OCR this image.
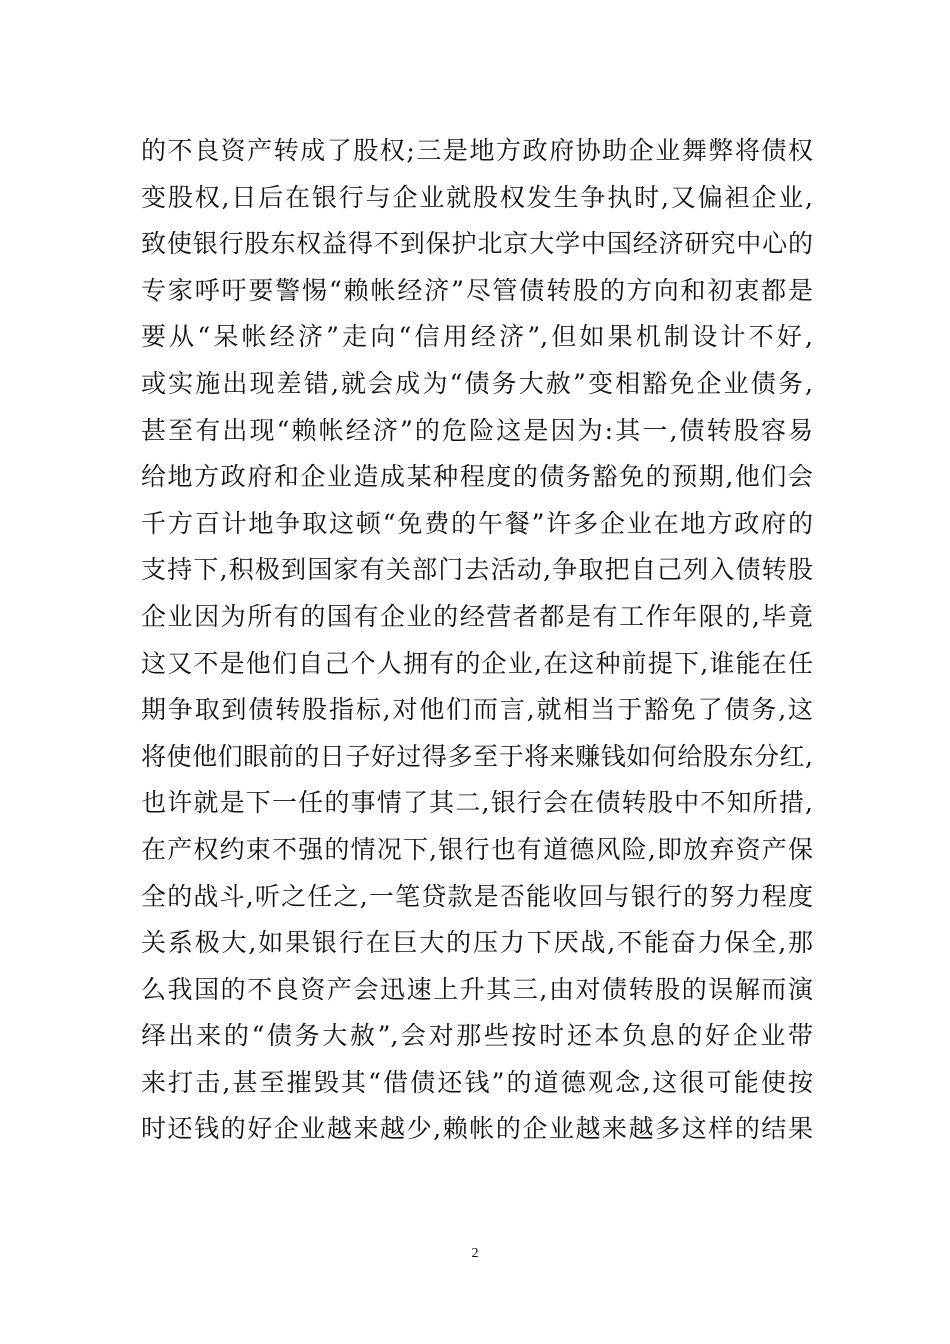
的不良资产转成了股权;三是地方政府协助企业舞弊将债权
变股权,日后在银行与企业就股权发生争执时,又偏袒企业,
致使银行股东权益得不到保护北京大学中国经济研究中心的
专家呼吁要警惕“赖帐经济”尽管债转股的方向和初衷都是
要从“呆帐经济”走向“信用经济”,但如果机制设计不好,
或实施出现差错,就会成为“债务大赦”变相豁免企业债务,
甚至有出现“赖帐经济”的危险这是因为:其一,债转股容易
给地方政府和企业造成某种程度的债务豁免的预期,他们会
千方百计地争取这顿“免费的午餐”许多企业在地方政府的
支持下,积极到国家有关部门去活动,争取把自己列入债转股
企业因为所有的国有企业的经营者都是有工作年限的,毕竟
这又不是他们自己个人拥有的企业,在这种前提下,谁能在任
期争取到债转股指标,对他们而言,就相当于豁免了债务,这
将使他们眼前的日子好过得多至于将来赚钱如何给股东分红,
也许就是下一任的事情了其二,银行会在债转股中不知所措,
在产权约束不强的情况下,银行也有道德风险,即放弃资产保
全的战斗,听之任之,一笔贷款是否能收回与银行的努力程度
关系极大,如果银行在巨大的压力下厌战,不能奋力保全,那
么我国的不良资产会迅速上升其三,由对债转股的误解而演
绎出来的“债务大赦”,会对那些按时还本负息的好企业带
来打击,甚至摧毁其“借债还钱”的道德观念,这很可能使按
时还钱的好企业越来越少,赖帐的企业越来越多这样的结果
2
